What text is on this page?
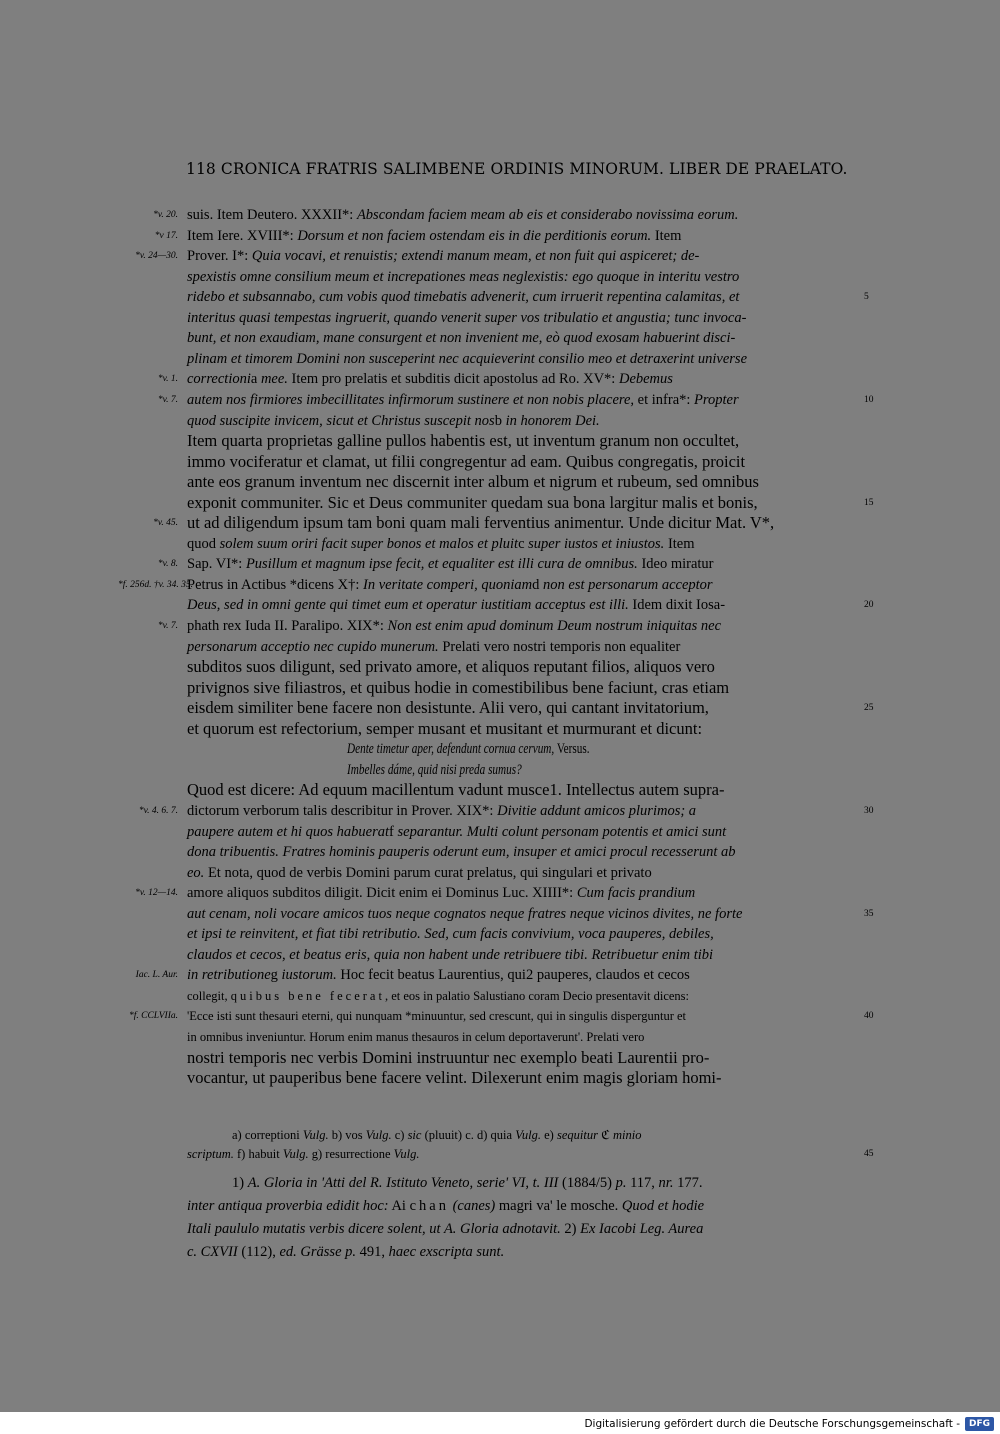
118 CRONICA FRATRIS SALIMBENE ORDINIS MINORUM. LIBER DE PRAELATO.
suis. Item Deutero. XXXII*: Abscondam faciem meam ab eis et considerabo novissima eorum.
Item Iere. XVIII*: Dorsum et non faciem ostendam eis in die perditionis eorum. Item
Prover. I*: Quia vocavi, et renuistis; extendi manum meam, et non fuit qui aspiceret; de-
spexistis omne consilium meum et increpationes meas neglexistis: ego quoque in interitu vestro
ridebo et subsannabo, cum vobis quod timebatis advenerit, cum irruerit repentina calamitas, et
interitus quasi tempestas ingruerit, quando venerit super vos tribulatio et angustia; tunc invoca-
bunt, et non exaudiam, mane consurgent et non invenient me, eò quod exosam habuerint disci-
plinam et timorem Domini non susceperint nec acquieverint consilio meo et detraxerint universe
correctionia mee. Item pro prelatis et subditis dicit apostolus ad Ro. XV*: Debemus
autem nos firmiores imbecillitates infirmorum sustinere et non nobis placere, et infra*: Propter
quod suscipite invicem, sicut et Christus suscepit nosb in honorem Dei.
Item quarta proprietas galline pullos habentis est, ut inventum granum non occultet,
immo vociferatur et clamat, ut filii congregentur ad eam. Quibus congregatis, proicit
ante eos granum inventum nec discernit inter album et nigrum et rubeum, sed omnibus
exponit communiter. Sic et Deus communiter quedam sua bona largitur malis et bonis,
ut ad diligendum ipsum tam boni quam mali ferventius animentur. Unde dicitur Mat. V*,
quod solem suum oriri facit super bonos et malos et pluitc super iustos et iniustos. Item
Sap. VI*: Pusillum et magnum ipse fecit, et equaliter est illi cura de omnibus. Ideo miratur
Petrus in Actibus *dicens X†: In veritate comperi, quoniamd non est personarum acceptor
Deus, sed in omni gente qui timet eum et operatur iustitiam acceptus est illi. Idem dixit Iosa-
phath rex Iuda II. Paralipo. XIX*: Non est enim apud dominum Deum nostrum iniquitas nec
personarum acceptio nec cupido munerum. Prelati vero nostri temporis non equaliter
subditos suos diligunt, sed privato amore, et aliquos reputant filios, aliquos vero
privignos sive filiastros, et quibus hodie in comestibilibus bene faciunt, cras etiam
eisdem similiter bene facere non desistunte. Alii vero, qui cantant invitatorium,
et quorum est refectorium, semper musant et musitant et murmurant et dicunt:
Dente timetur aper, defendunt cornua cervum, Versus.
Imbelles dáme, quid nisi preda sumus?
Quod est dicere: Ad equum macillentum vadunt musce1. Intellectus autem supra-
dictorum verborum talis describitur in Prover. XIX*: Divitie addunt amicos plurimos; a
paupere autem et hi quos habueratf separantur. Multi colunt personam potentis et amici sunt
dona tribuentis. Fratres hominis pauperis oderunt eum, insuper et amici procul recesserunt ab
eo. Et nota, quod de verbis Domini parum curat prelatus, qui singulari et privato
amore aliquos subditos diligit. Dicit enim ei Dominus Luc. XIIII*: Cum facis prandium
aut cenam, noli vocare amicos tuos neque cognatos neque fratres neque vicinos divites, ne forte
et ipsi te reinvitent, et fiat tibi retributio. Sed, cum facis convivium, voca pauperes, debiles,
claudos et cecos, et beatus eris, quia non habent unde retribuere tibi. Retribuetur enim tibi
in retributioneg iustorum. Hoc fecit beatus Laurentius, qui2 pauperes, claudos et cecos
collegit, quibus bene fecerat, et eos in palatio Salustiano coram Decio presentavit dicens:
'Ecce isti sunt thesauri eterni, qui nunquam *minuuntur, sed crescunt, qui in singulis disperguntur et
in omnibus inveniuntur. Horum enim manus thesauros in celum deportaverunt'. Prelati vero
nostri temporis nec verbis Domini instruuntur nec exemplo beati Laurentii pro-
vocantur, ut pauperibus bene facere velint. Dilexerunt enim magis gloriam homi-
*v. 20.
*v 17.
*v. 24—30.
*v. 1.
*v. 7.
*v. 45.
*v. 8.
*f. 256d. †v. 34. 35.
*v. 7.
*v. 4. 6. 7.
*v. 12—14.
Iac. L. Aur.
*f. CCLVIIa.
5
10
15
20
25
30
35
40
a) correptioni Vulg. b) vos Vulg. c) sic (pluuit) c. d) quia Vulg. e) sequitur ℭ minio
scriptum. f) habuit Vulg. g) resurrectione Vulg.	45
1) A. Gloria in 'Atti del R. Istituto Veneto, serie' VI, t. III (1884/5) p. 117, nr. 177.
inter antiqua proverbia edidit hoc: Ai chan (canes) magri va' le mosche. Quod et hodie
Itali paululo mutatis verbis dicere solent, ut A. Gloria adnotavit. 2) Ex Iacobi Leg. Aurea
c. CXVII (112), ed. Grässe p. 491, haec exscripta sunt.
Digitalisierung gefördert durch die Deutsche Forschungsgemeinschaft -	DFG
